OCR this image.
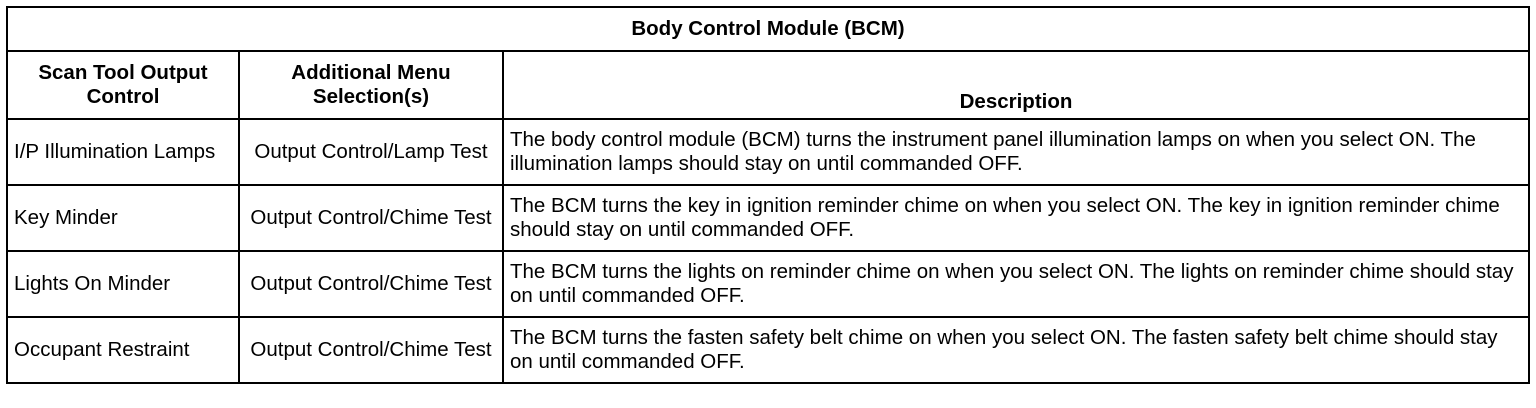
Body Control Module (BCM)		
Scan Tool Output Control	Additional Menu Selection(s)	Description
I/P Illumination Lamps	Output Control/Lamp Test	The body control module (BCM) turns the instrument panel illumination lamps on when you select ON. The illumination lamps should stay on until commanded OFF.
Key Minder	Output Control/Chime Test	The BCM turns the key in ignition reminder chime on when you select ON. The key in ignition reminder chime should stay on until commanded OFF.
Lights On Minder	Output Control/Chime Test	The BCM turns the lights on reminder chime on when you select ON. The lights on reminder chime should stay on until commanded OFF.
Occupant Restraint	Output Control/Chime Test	The BCM turns the fasten safety belt chime on when you select ON. The fasten safety belt chime should stay on until commanded OFF.
